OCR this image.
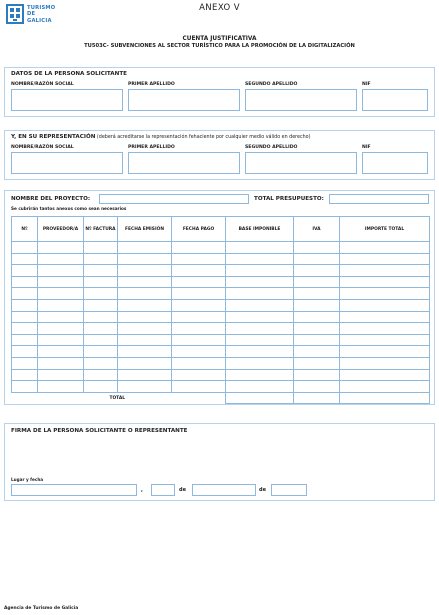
TURISMO
DE
GALICIA
ANEXO V
CUENTA JUSTIFICATIVA
TU503C- SUBVENCIONES AL SECTOR TURÍSTICO PARA LA PROMOCIÓN DE LA DIGITALIZACIÓN
DATOS DE LA PERSONA SOLICITANTE
NOMBRE/RAZÓN SOCIAL	PRIMER APELLIDO	SEGUNDO APELLIDO	NIF
Y, EN SU REPRESENTACIÓN (deberá acreditarse la representación fehaciente por cualquier medio válido en derecho)
NOMBRE/RAZÓN SOCIAL	PRIMER APELLIDO	SEGUNDO APELLIDO	NIF
NOMBRE DEL PROYECTO:	TOTAL PRESUPUESTO:
Se cubrirán tantos anexos como sean necesarios
Nº	PROVEEDOR/A	Nº FACTURA	FECHA EMISIÓN	FECHA PAGO	BASE IMPONIBLE	IVA	IMPORTE TOTAL

TOTAL							
FIRMA DE LA PERSONA SOLICITANTE O REPRESENTANTE
Lugar y fecha
,	de	de
Agencia de Turismo de Galicia
